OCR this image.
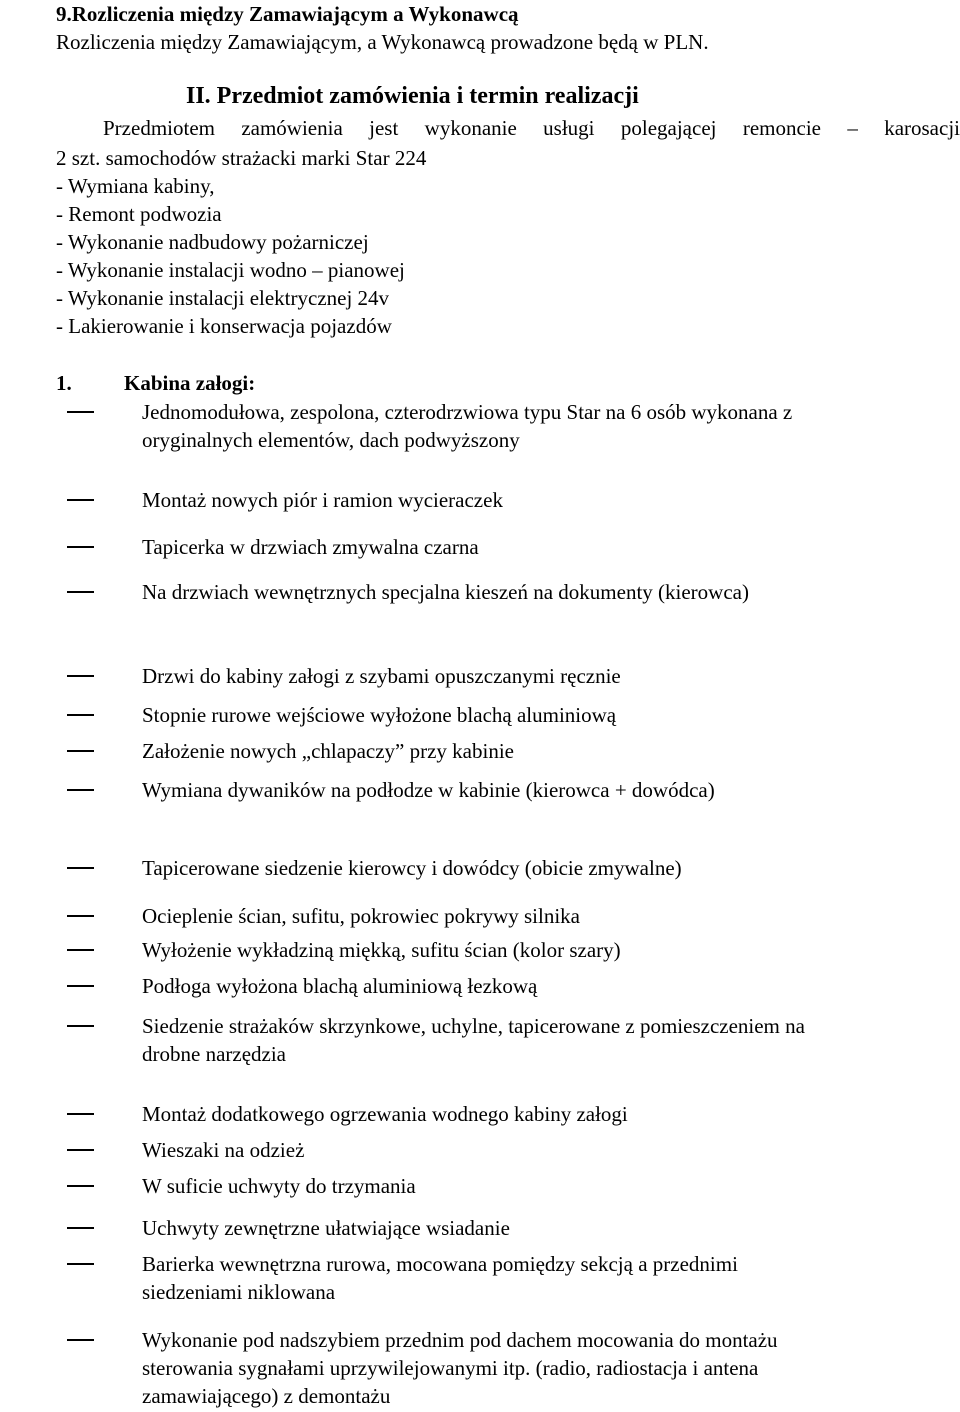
9.Rozliczenia między Zamawiającym a Wykonawcą
Rozliczenia między Zamawiającym, a Wykonawcą prowadzone będą w PLN.
II. Przedmiot zamówienia i termin realizacji
Przedmiotem zamówienia jest wykonanie usługi polegającej remoncie – karosacji
2 szt. samochodów strażacki marki Star 224
- Wymiana kabiny,
- Remont podwozia
- Wykonanie nadbudowy pożarniczej
- Wykonanie instalacji wodno – pianowej
- Wykonanie instalacji elektrycznej 24v
- Lakierowanie i konserwacja pojazdów
1. Kabina załogi:
Jednomodułowa, zespolona, czterodrzwiowa typu Star na 6 osób wykonana z
oryginalnych elementów, dach podwyższony
Montaż nowych piór i ramion wycieraczek
Tapicerka w drzwiach zmywalna czarna
Na drzwiach wewnętrznych specjalna kieszeń na dokumenty (kierowca)
Drzwi do kabiny załogi z szybami opuszczanymi ręcznie
Stopnie rurowe wejściowe wyłożone blachą aluminiową
Założenie nowych „chlapaczy” przy kabinie
Wymiana dywaników na podłodze w kabinie (kierowca + dowódca)
Tapicerowane siedzenie kierowcy i dowódcy (obicie zmywalne)
Ocieplenie ścian, sufitu, pokrowiec pokrywy silnika
Wyłożenie wykładziną miękką, sufitu ścian (kolor szary)
Podłoga wyłożona blachą aluminiową łezkową
Siedzenie strażaków skrzynkowe, uchylne, tapicerowane z pomieszczeniem na
drobne narzędzia
Montaż dodatkowego ogrzewania wodnego kabiny załogi
Wieszaki na odzież
W suficie uchwyty do trzymania
Uchwyty zewnętrzne ułatwiające wsiadanie
Barierka wewnętrzna rurowa, mocowana pomiędzy sekcją a przednimi
siedzeniami niklowana
Wykonanie pod nadszybiem przednim pod dachem mocowania do montażu
sterowania sygnałami uprzywilejowanymi itp. (radio, radiostacja i antena
zamawiającego) z demontażu
